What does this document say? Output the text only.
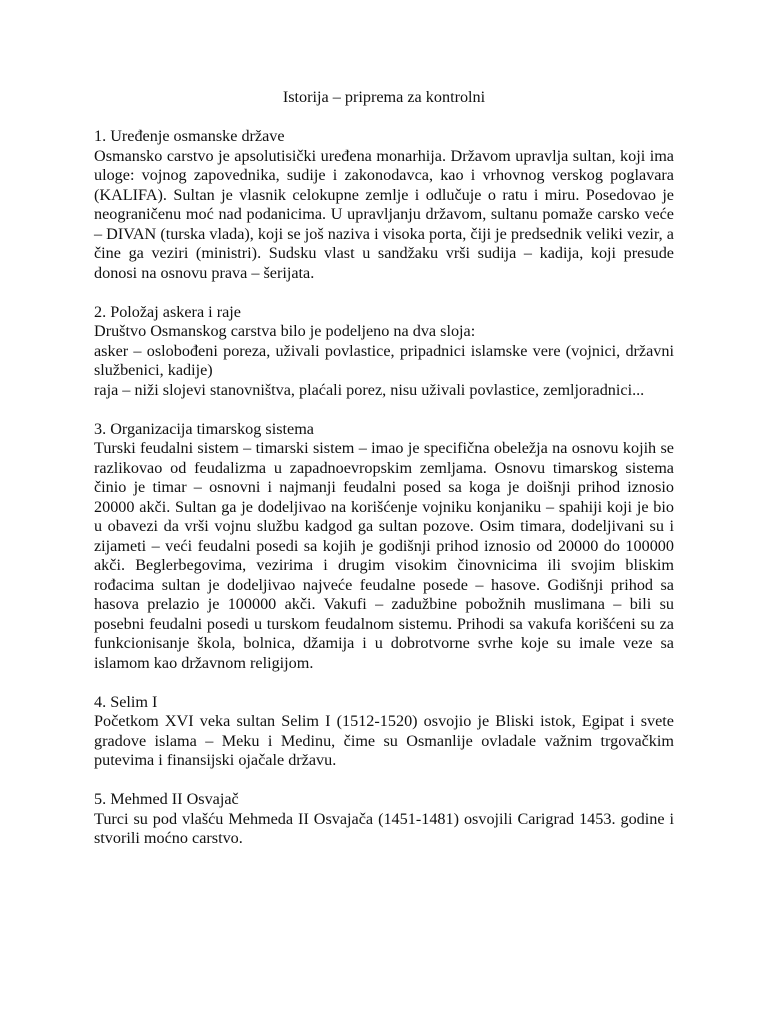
Istorija – priprema za kontrolni
1. Uređenje osmanske države
Osmansko carstvo je apsolutisički uređena monarhija. Državom upravlja sultan, koji ima uloge: vojnog zapovednika, sudije i zakonodavca, kao i vrhovnog verskog poglavara (KALIFA). Sultan je vlasnik celokupne zemlje i odlučuje o ratu i miru. Posedovao je neograničenu moć nad podanicima. U upravljanju državom, sultanu pomaže carsko veće – DIVAN (turska vlada), koji se još naziva i visoka porta, čiji je predsednik veliki vezir, a čine ga veziri (ministri). Sudsku vlast u sandžaku vrši sudija – kadija, koji presude donosi na osnovu prava – šerijata.
2. Položaj askera i raje
Društvo Osmanskog carstva bilo je podeljeno na dva sloja:
asker – oslobođeni poreza, uživali povlastice, pripadnici islamske vere (vojnici, državni službenici, kadije)
raja – niži slojevi stanovništva, plaćali porez, nisu uživali povlastice, zemljoradnici...
3. Organizacija timarskog sistema
Turski feudalni sistem – timarski sistem – imao je specifična obeležja na osnovu kojih se razlikovao od feudalizma u zapadnoevropskim zemljama. Osnovu timarskog sistema činio je timar – osnovni i najmanji feudalni posed sa koga je doišnji prihod iznosio 20000 akči. Sultan ga je dodeljivao na korišćenje vojniku konjaniku – spahiji koji je bio u obavezi da vrši vojnu službu kadgod ga sultan pozove. Osim timara, dodeljivani su i zijameti – veći feudalni posedi sa kojih je godišnji prihod iznosio od 20000 do 100000 akči. Beglerbegovima, vezirima i drugim visokim činovnicima ili svojim bliskim rođacima sultan je dodeljivao najveće feudalne posede – hasove. Godišnji prihod sa hasova prelazio je 100000 akči. Vakufi – zadužbine pobožnih muslimana – bili su posebni feudalni posedi u turskom feudalnom sistemu. Prihodi sa vakufa korišćeni su za funkcionisanje škola, bolnica, džamija i u dobrotvorne svrhe koje su imale veze sa islamom kao državnom religijom.
4. Selim I
Početkom XVI veka sultan Selim I (1512-1520) osvojio je Bliski istok, Egipat i svete gradove islama – Meku i Medinu, čime su Osmanlije ovladale važnim trgovačkim putevima i finansijski ojačale državu.
5. Mehmed II Osvajač
Turci su pod vlašću Mehmeda II Osvajača (1451-1481) osvojili Carigrad 1453. godine i stvorili moćno carstvo.
